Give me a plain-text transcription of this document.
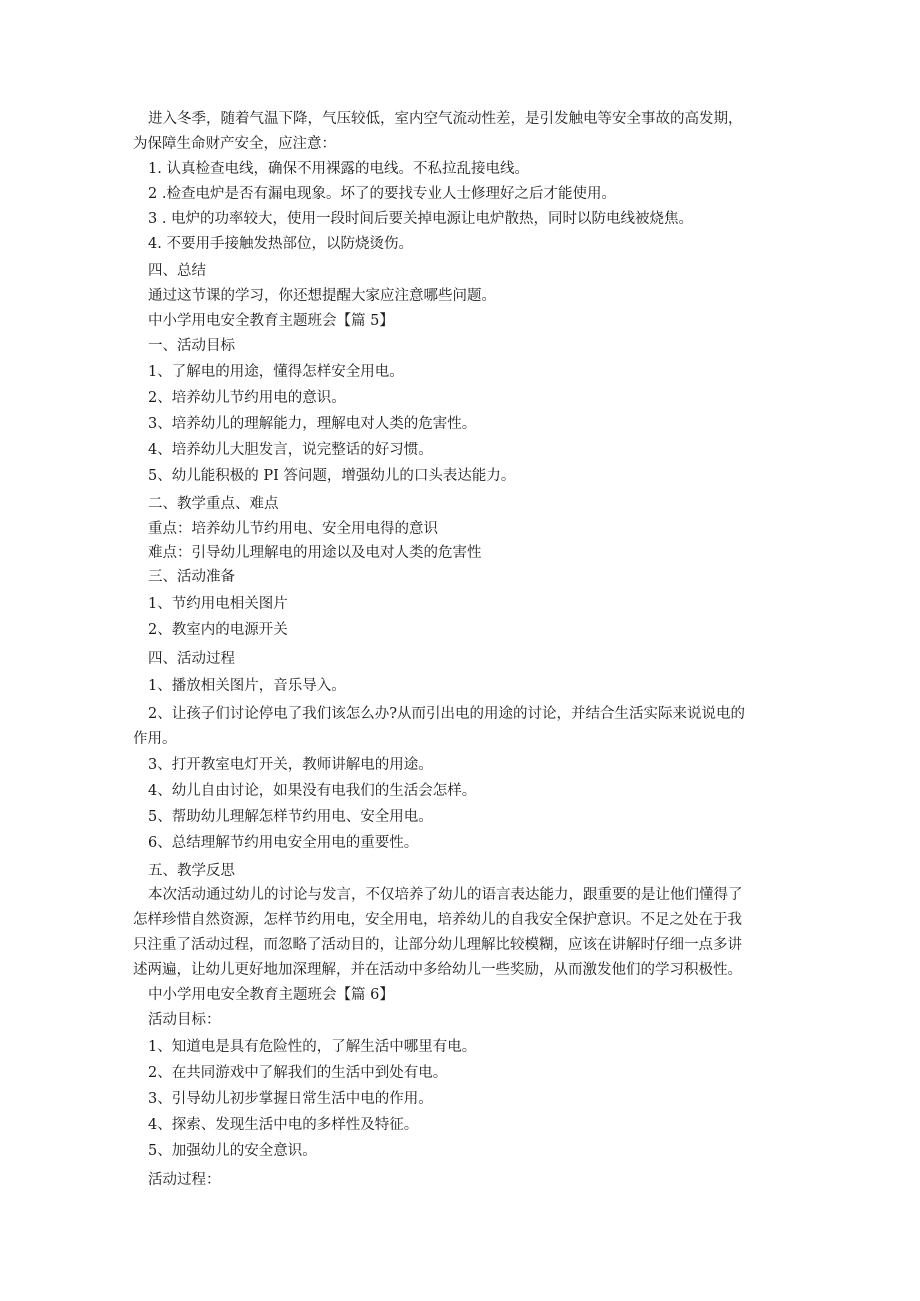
进入冬季，随着气温下降，气压较低，室内空气流动性差，是引发触电等安全事故的高发期，
为保障生命财产安全，应注意：
1. 认真检查电线，确保不用裸露的电线。不私拉乱接电线。
2 .检查电炉是否有漏电现象。坏了的要找专业人士修理好之后才能使用。
3 . 电炉的功率较大，使用一段时间后要关掉电源让电炉散热，同时以防电线被烧焦。
4. 不要用手接触发热部位，以防烧烫伤。
四、总结
通过这节课的学习，你还想提醒大家应注意哪些问题。
中小学用电安全教育主题班会【篇 5】
一、活动目标
1、了解电的用途，懂得怎样安全用电。
2、培养幼儿节约用电的意识。
3、培养幼儿的理解能力，理解电对人类的危害性。
4、培养幼儿大胆发言，说完整话的好习惯。
5、幼儿能积极的 PI 答问题，增强幼儿的口头表达能力。
二、教学重点、难点
重点：培养幼儿节约用电、安全用电得的意识
难点：引导幼儿理解电的用途以及电对人类的危害性
三、活动准备
1、节约用电相关图片
2、教室内的电源开关
四、活动过程
1、播放相关图片，音乐导入。
2、让孩子们讨论停电了我们该怎么办?从而引出电的用途的讨论，并结合生活实际来说说电的
作用。
3、打开教室电灯开关，教师讲解电的用途。
4、幼儿自由讨论，如果没有电我们的生活会怎样。
5、帮助幼儿理解怎样节约用电、安全用电。
6、总结理解节约用电安全用电的重要性。
五、教学反思
本次活动通过幼儿的讨论与发言，不仅培养了幼儿的语言表达能力，跟重要的是让他们懂得了
怎样珍惜自然资源，怎样节约用电，安全用电，培养幼儿的自我安全保护意识。不足之处在于我
只注重了活动过程，而忽略了活动目的，让部分幼儿理解比较模糊，应该在讲解时仔细一点多讲
述两遍，让幼儿更好地加深理解，并在活动中多给幼儿一些奖励，从而激发他们的学习积极性。
中小学用电安全教育主题班会【篇 6】
活动目标：
1、知道电是具有危险性的，了解生活中哪里有电。
2、在共同游戏中了解我们的生活中到处有电。
3、引导幼儿初步掌握日常生活中电的作用。
4、探索、发现生活中电的多样性及特征。
5、加强幼儿的安全意识。
活动过程：
